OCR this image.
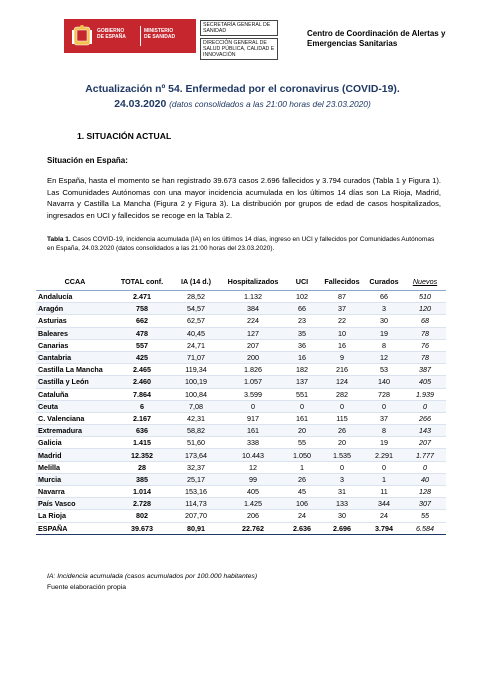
GOBIERNO
DE ESPAÑA
MINISTERIO
DE SANIDAD
SECRETARÍA GENERAL DE SANIDAD
DIRECCIÓN GENERAL DE SALUD PÚBLICA, CALIDAD E INNOVACIÓN
Centro de Coordinación de Alertas y Emergencias Sanitarias
Actualización nº 54. Enfermedad por el coronavirus (COVID-19).
24.03.2020 (datos consolidados a las 21:00 horas del 23.03.2020)
1. SITUACIÓN ACTUAL
Situación en España:
En España, hasta el momento se han registrado 39.673 casos 2.696 fallecidos y 3.794 curados (Tabla 1 y Figura 1). Las Comunidades Autónomas con una mayor incidencia acumulada en los últimos 14 días son La Rioja, Madrid, Navarra y Castilla La Mancha (Figura 2 y Figura 3). La distribución por grupos de edad de casos hospitalizados, ingresados en UCI y fallecidos se recoge en la Tabla 2.
Tabla 1. Casos COVID-19, incidencia acumulada (IA) en los últimos 14 días, ingreso en UCI y fallecidos por Comunidades Autónomas en España, 24.03.2020 (datos consolidados a las 21:00 horas del 23.03.2020).
CCAA	TOTAL conf.	IA (14 d.)	Hospitalizados	UCI	Fallecidos	Curados	Nuevos
Andalucía	2.471	28,52	1.132	102	87	66	510
Aragón	758	54,57	384	66	37	3	120
Asturias	662	62,57	224	23	22	30	68
Baleares	478	40,45	127	35	10	19	78
Canarias	557	24,71	207	36	16	8	76
Cantabria	425	71,07	200	16	9	12	78
Castilla La Mancha	2.465	119,34	1.826	182	216	53	387
Castilla y León	2.460	100,19	1.057	137	124	140	405
Cataluña	7.864	100,84	3.599	551	282	728	1.939
Ceuta	6	7,08	0	0	0	0	0
C. Valenciana	2.167	42,31	917	161	115	37	266
Extremadura	636	58,82	161	20	26	8	143
Galicia	1.415	51,60	338	55	20	19	207
Madrid	12.352	173,64	10.443	1.050	1.535	2.291	1.777
Melilla	28	32,37	12	1	0	0	0
Murcia	385	25,17	99	26	3	1	40
Navarra	1.014	153,16	405	45	31	11	128
País Vasco	2.728	114,73	1.425	106	133	344	307
La Rioja	802	207,70	206	24	30	24	55
ESPAÑA	39.673	80,91	22.762	2.636	2.696	3.794	6.584
IA: Incidencia acumulada (casos acumulados por 100.000 habitantes)
Fuente elaboración propia
